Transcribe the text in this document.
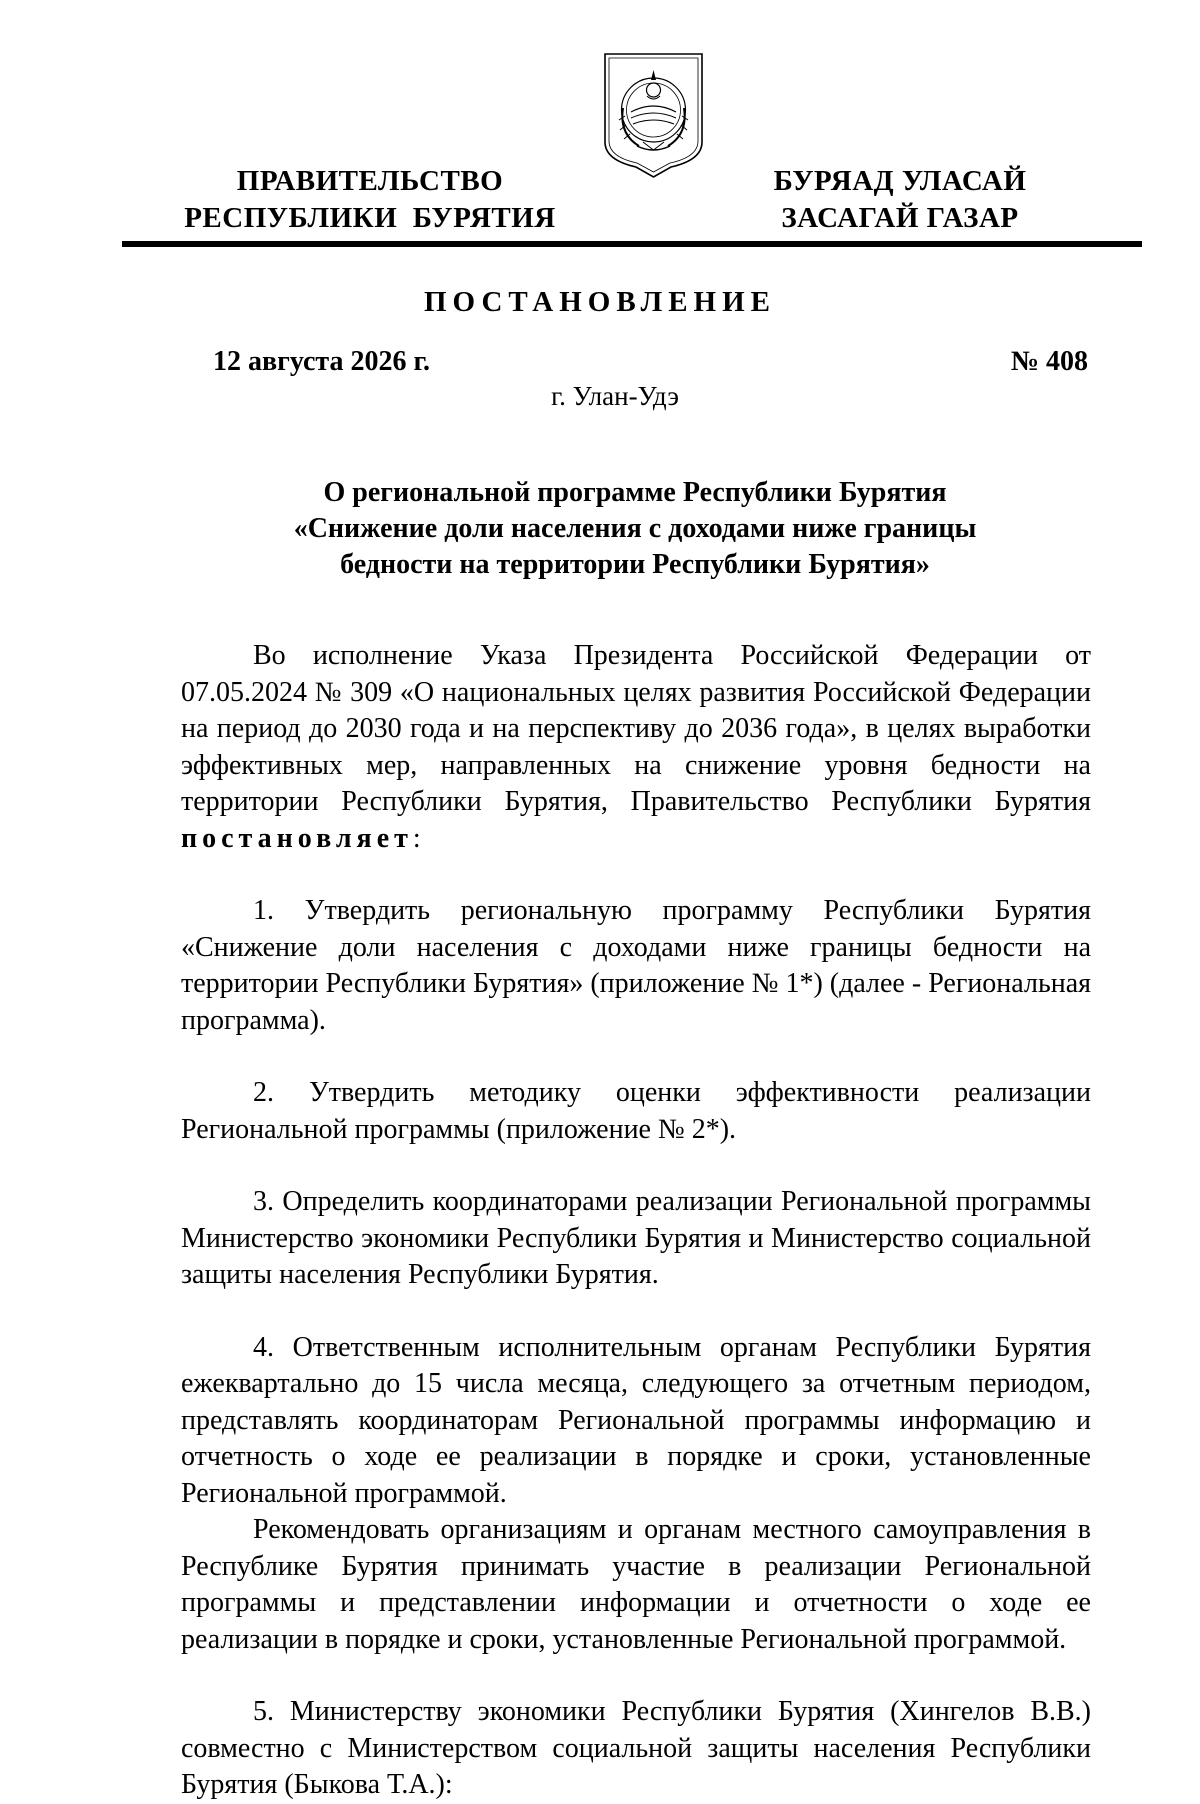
ПРАВИТЕЛЬСТВО
РЕСПУБЛИКИ  БУРЯТИЯ
БУРЯАД УЛАСАЙ
ЗАСАГАЙ ГАЗАР
ПОСТАНОВЛЕНИЕ
12 августа 2026 г.	№ 408
г. Улан-Удэ
О региональной программе Республики Бурятия
«Снижение доли населения с доходами ниже границы
бедности на территории Республики Бурятия»

Во исполнение Указа Президента Российской Федерации от 07.05.2024 № 309 «О национальных целях развития Российской Федерации на период до 2030 года и на перспективу до 2036 года», в целях выработки эффективных мер, направленных на снижение уровня бедности на территории Республики Бурятия, Правительство Республики Бурятия постановляет:

1. Утвердить региональную программу Республики Бурятия «Снижение доли населения с доходами ниже границы бедности на территории Республики Бурятия» (приложение № 1*) (далее - Региональная программа).

2. Утвердить методику оценки эффективности реализации Региональной программы (приложение № 2*).

3. Определить координаторами реализации Региональной программы Министерство экономики Республики Бурятия и Министерство социальной защиты населения Республики Бурятия.

4. Ответственным исполнительным органам Республики Бурятия ежеквартально до 15 числа месяца, следующего за отчетным периодом, представлять координаторам Региональной программы информацию и отчетность о ходе ее реализации в порядке и сроки, установленные Региональной программой.

Рекомендовать организациям и органам местного самоуправления в Республике Бурятия принимать участие в реализации Региональной программы и представлении информации и отчетности о ходе ее реализации в порядке и сроки, установленные Региональной программой.

5. Министерству экономики Республики Бурятия (Хингелов В.В.) совместно с Министерством социальной защиты населения Республики Бурятия (Быкова Т.А.):
